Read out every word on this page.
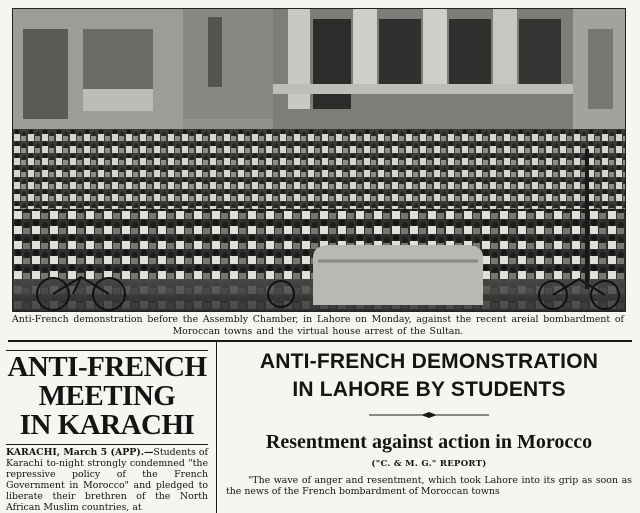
Anti-French demonstration before the Assembly Chamber, in Lahore on Monday, against the recent areial bombardment of Moroccan towns and the virtual house arrest of the Sultan.
ANTI-FRENCH
MEETING
IN KARACHI

KARACHI, March 5 (APP).—Students of Karachi to-night strongly condemned "the repressive policy of the French Government in Morocco" and pledged to liberate their brethren of the North African Muslim countries, at

ANTI-FRENCH DEMONSTRATION
IN LAHORE BY STUDENTS
Resentment against action in Morocco
("C. & M. G." REPORT)

"The wave of anger and resentment, which took Lahore into its grip as soon as the news of the French bombardment of Moroccan towns
